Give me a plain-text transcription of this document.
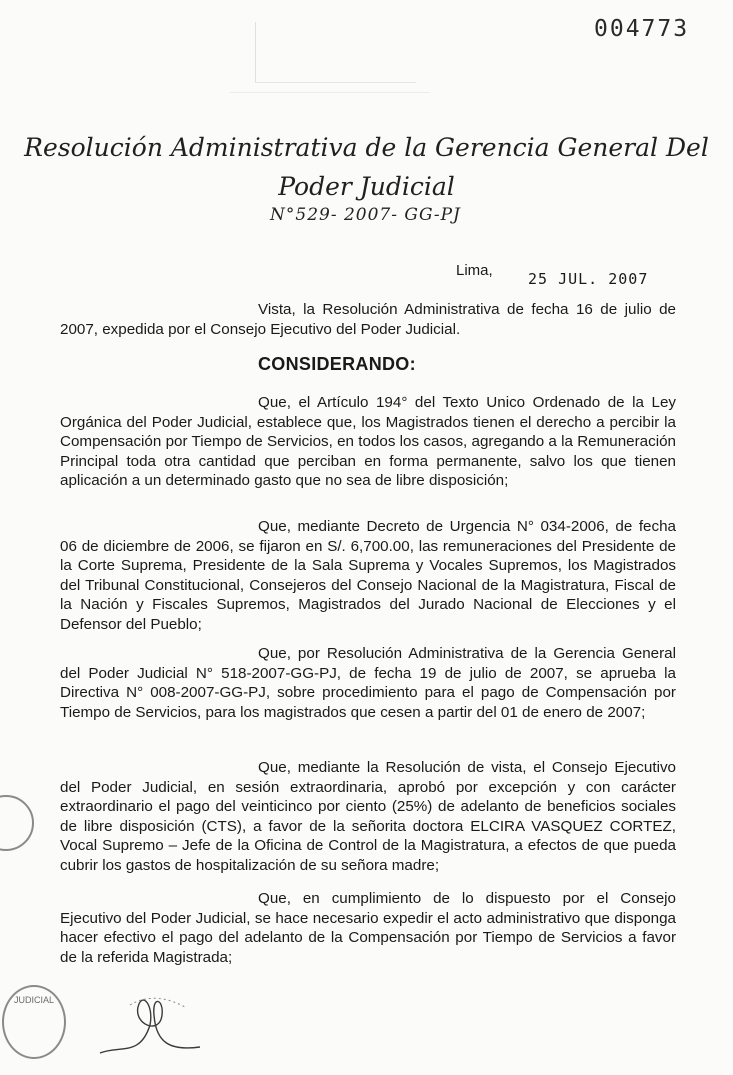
004773
Resolución Administrativa de la Gerencia General Del
Poder Judicial
N°529- 2007- GG-PJ
Lima, 25 JUL. 2007
Vista, la Resolución Administrativa de fecha 16 de julio de 2007, expedida por el Consejo Ejecutivo del Poder Judicial.
CONSIDERANDO:
Que, el Artículo 194° del Texto Unico Ordenado de la Ley Orgánica del Poder Judicial, establece que, los Magistrados tienen el derecho a percibir la Compensación por Tiempo de Servicios, en todos los casos, agregando a la Remuneración Principal toda otra cantidad que perciban en forma permanente, salvo los que tienen aplicación a un determinado gasto que no sea de libre disposición;
Que, mediante Decreto de Urgencia N° 034-2006, de fecha 06 de diciembre de 2006, se fijaron en S/. 6,700.00, las remuneraciones del Presidente de la Corte Suprema, Presidente de la Sala Suprema y Vocales Supremos, los Magistrados del Tribunal Constitucional, Consejeros del Consejo Nacional de la Magistratura, Fiscal de la Nación y Fiscales Supremos, Magistrados del Jurado Nacional de Elecciones y el Defensor del Pueblo;
Que, por Resolución Administrativa de la Gerencia General del Poder Judicial N° 518-2007-GG-PJ, de fecha 19 de julio de 2007, se aprueba la Directiva N° 008-2007-GG-PJ, sobre procedimiento para el pago de Compensación por Tiempo de Servicios, para los magistrados que cesen a partir del 01 de enero de 2007;
Que, mediante la Resolución de vista, el Consejo Ejecutivo del Poder Judicial, en sesión extraordinaria, aprobó por excepción y con carácter extraordinario el pago del veinticinco por ciento (25%) de adelanto de beneficios sociales de libre disposición (CTS), a favor de la señorita doctora ELCIRA VASQUEZ CORTEZ, Vocal Supremo – Jefe de la Oficina de Control de la Magistratura, a efectos de que pueda cubrir los gastos de hospitalización de su señora madre;
Que, en cumplimiento de lo dispuesto por el Consejo Ejecutivo del Poder Judicial, se hace necesario expedir el acto administrativo que disponga hacer efectivo el pago del adelanto de la Compensación por Tiempo de Servicios a favor de la referida Magistrada;
JUDICIAL
